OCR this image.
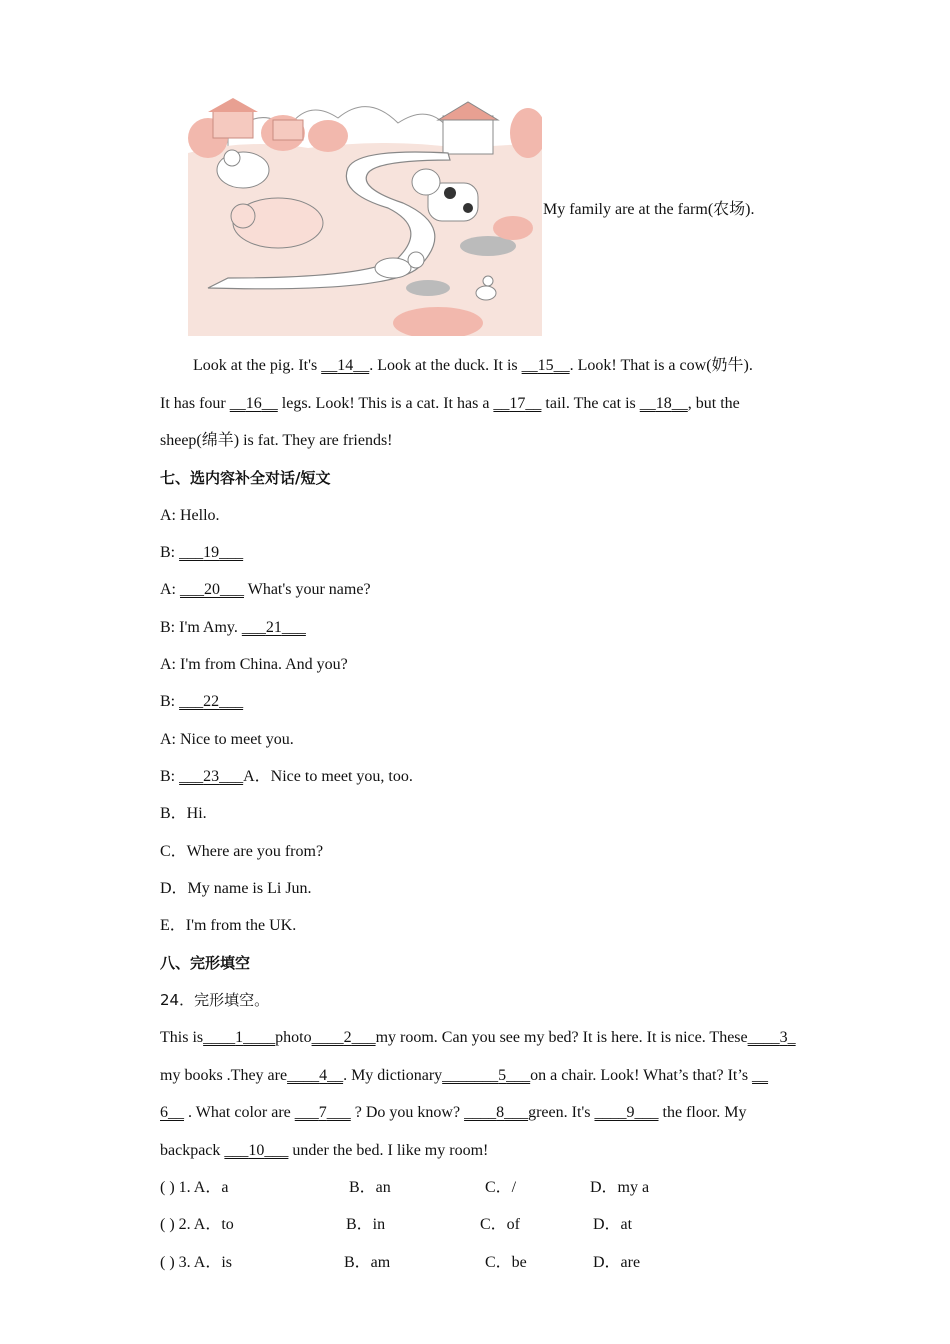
My family are at the farm(农场).
Look at the pig. It's __14__. Look at the duck. It is __15__. Look! That is a cow(奶牛).
It has four __16__ legs. Look! This is a cat. It has a __17__ tail. The cat is __18__, but the
sheep(绵羊) is fat. They are friends!
七、选内容补全对话/短文
A: Hello.
B: ___19___
A: ___20___ What's your name?
B: I'm Amy. ___21___
A: I'm from China. And you?
B: ___22___
A: Nice to meet you.
B: ___23___A．Nice to meet you, too.
B．Hi.
C．Where are you from?
D．My name is Li Jun.
E．I'm from the UK.
八、完形填空
24．完形填空。
This is____1____photo____2___my room. Can you see my bed? It is here. It is nice. These____3_
my books .They are____4__. My dictionary_______5___on a chair. Look! What’s that? It’s __
6__ . What color are ___7___ ? Do you know? ____8___green. It's ____9___ the floor. My
backpack ___10___ under the bed. I like my room!
( ) 1. A．a	B．an	C．/	D．my a
( ) 2. A．to	B．in	C．of	D．at
( ) 3. A．is	B．am	C．be	D．are
